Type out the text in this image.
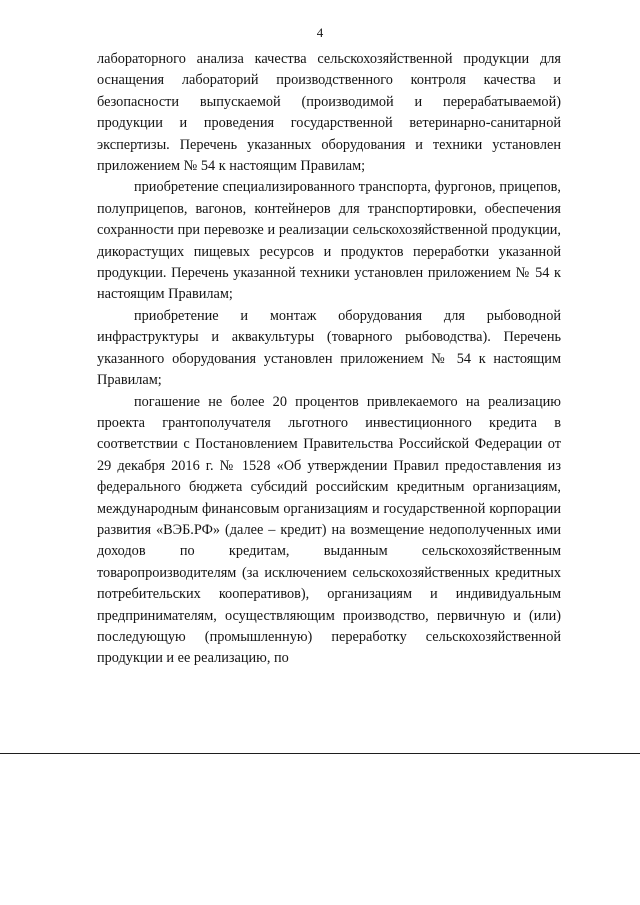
4

лабораторного анализа качества сельскохозяйственной продукции для оснащения лабораторий производственного контроля качества и безопасности выпускаемой (производимой и перерабатываемой) продукции и проведения государственной ветеринарно-санитарной экспертизы. Перечень указанных оборудования и техники установлен приложением № 54 к настоящим Правилам;

приобретение специализированного транспорта, фургонов, прицепов, полуприцепов, вагонов, контейнеров для транспортировки, обеспечения сохранности при перевозке и реализации сельскохозяйственной продукции, дикорастущих пищевых ресурсов и продуктов переработки указанной продукции. Перечень указанной техники установлен приложением № 54 к настоящим Правилам;

приобретение и монтаж оборудования для рыбоводной инфраструктуры и аквакультуры (товарного рыбоводства). Перечень указанного оборудования установлен приложением № 54 к настоящим Правилам;

погашение не более 20 процентов привлекаемого на реализацию проекта грантополучателя льготного инвестиционного кредита в соответствии с Постановлением Правительства Российской Федерации от 29 декабря 2016 г. № 1528 «Об утверждении Правил предоставления из федерального бюджета субсидий российским кредитным организациям, международным финансовым организациям и государственной корпорации развития «ВЭБ.РФ» (далее – кредит) на возмещение недополученных ими доходов по кредитам, выданным сельскохозяйственным товаропроизводителям (за исключением сельскохозяйственных кредитных потребительских кооперативов), организациям и индивидуальным предпринимателям, осуществляющим производство, первичную и (или) последующую (промышленную) переработку сельскохозяйственной продукции и ее реализацию, по
